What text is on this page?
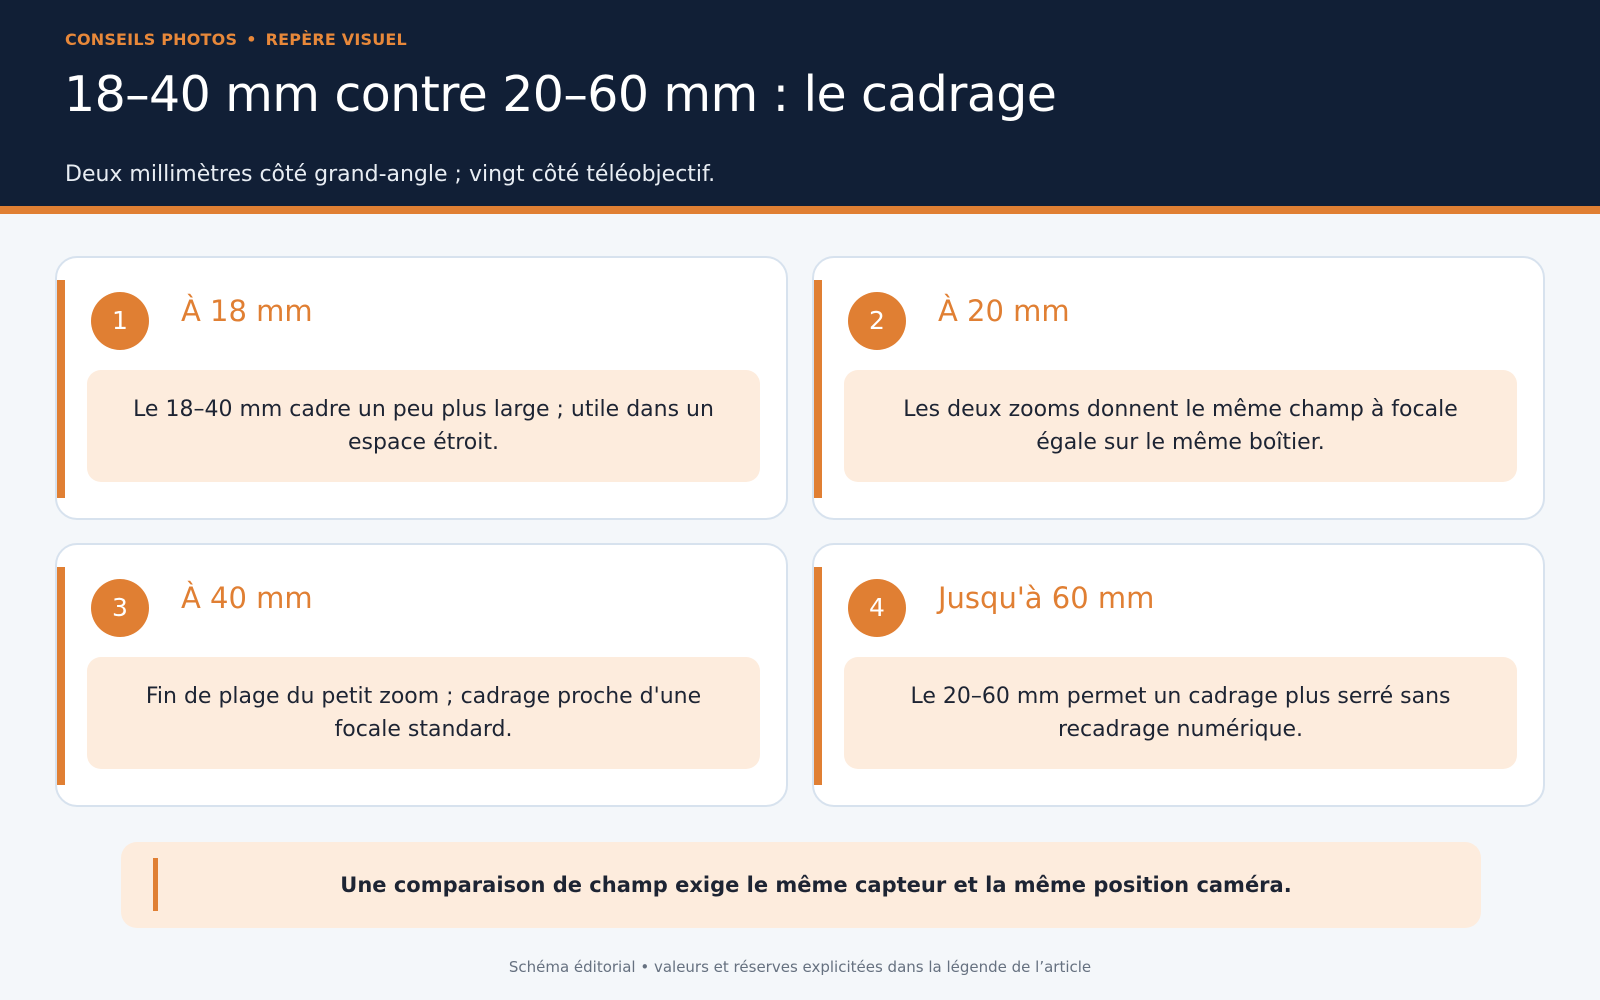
CONSEILS PHOTOS • REPÈRE VISUEL
18–40 mm contre 20–60 mm : le cadrage

Deux millimètres côté grand-angle ; vingt côté téléobjectif.

1	À 18 mm
Le 18–40 mm cadre un peu plus large ; utile dans un espace étroit.
2	À 20 mm
Les deux zooms donnent le même champ à focale égale sur le même boîtier.
3	À 40 mm
Fin de plage du petit zoom ; cadrage proche d'une focale standard.
4	Jusqu'à 60 mm
Le 20–60 mm permet un cadrage plus serré sans recadrage numérique.
Une comparaison de champ exige le même capteur et la même position caméra.
Schéma éditorial • valeurs et réserves explicitées dans la légende de l’article
